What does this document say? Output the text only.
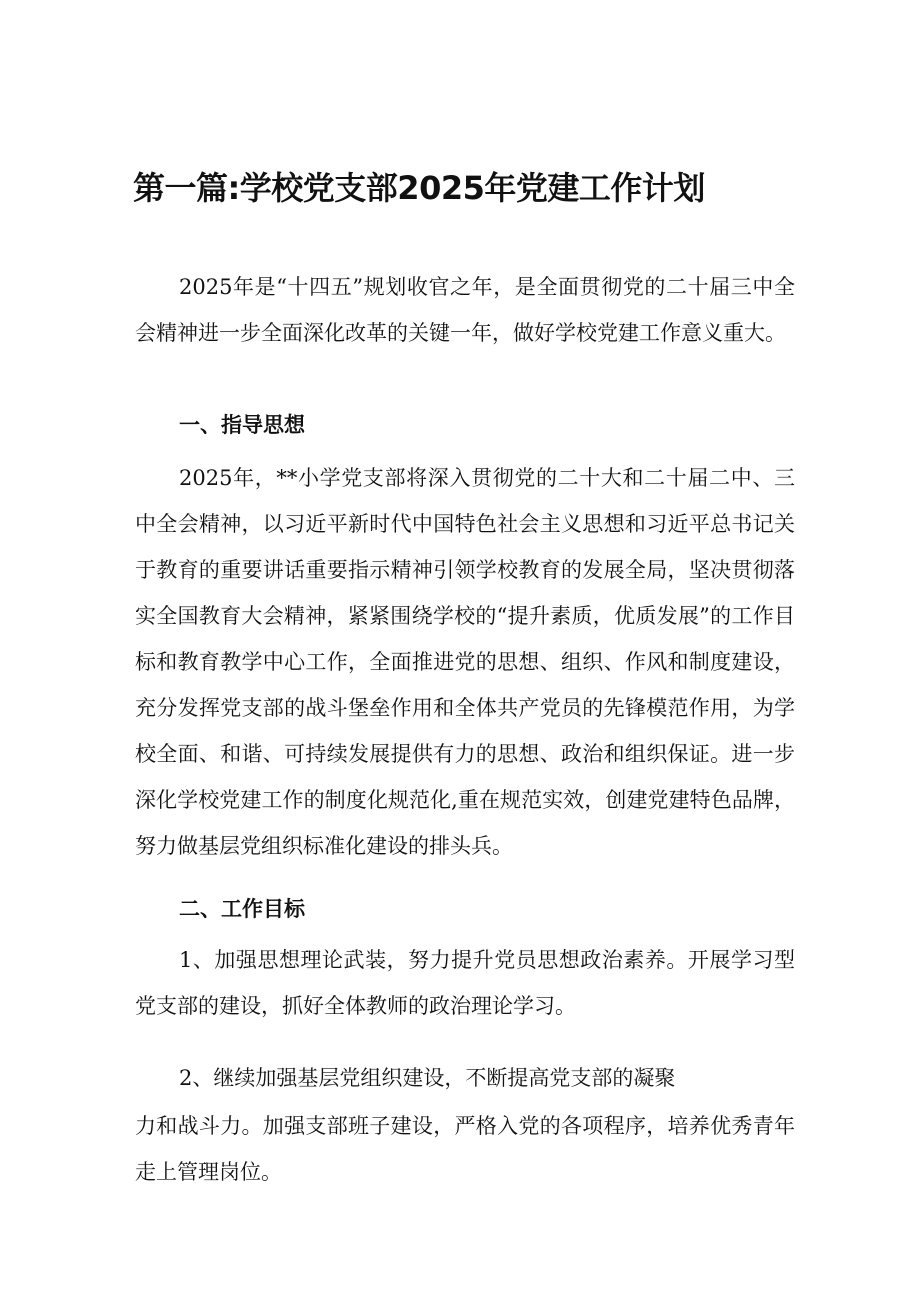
第一篇:学校党支部2025年党建工作计划

2025年是“十四五”规划收官之年，是全面贯彻党的二十届三中全会精神进一步全面深化改革的关键一年，做好学校党建工作意义重大。

一、指导思想

2025年，**小学党支部将深入贯彻党的二十大和二十届二中、三中全会精神，以习近平新时代中国特色社会主义思想和习近平总书记关于教育的重要讲话重要指示精神引领学校教育的发展全局，坚决贯彻落实全国教育大会精神，紧紧围绕学校的“提升素质，优质发展”的工作目标和教育教学中心工作，全面推进党的思想、组织、作风和制度建设，充分发挥党支部的战斗堡垒作用和全体共产党员的先锋模范作用，为学校全面、和谐、可持续发展提供有力的思想、政治和组织保证。进一步深化学校党建工作的制度化规范化,重在规范实效，创建党建特色品牌，努力做基层党组织标准化建设的排头兵。

二、工作目标

1、加强思想理论武装，努力提升党员思想政治素养。开展学习型党支部的建设，抓好全体教师的政治理论学习。

2、继续加强基层党组织建设，不断提高党支部的凝聚

力和战斗力。加强支部班子建设，严格入党的各项程序，培养优秀青年走上管理岗位。
